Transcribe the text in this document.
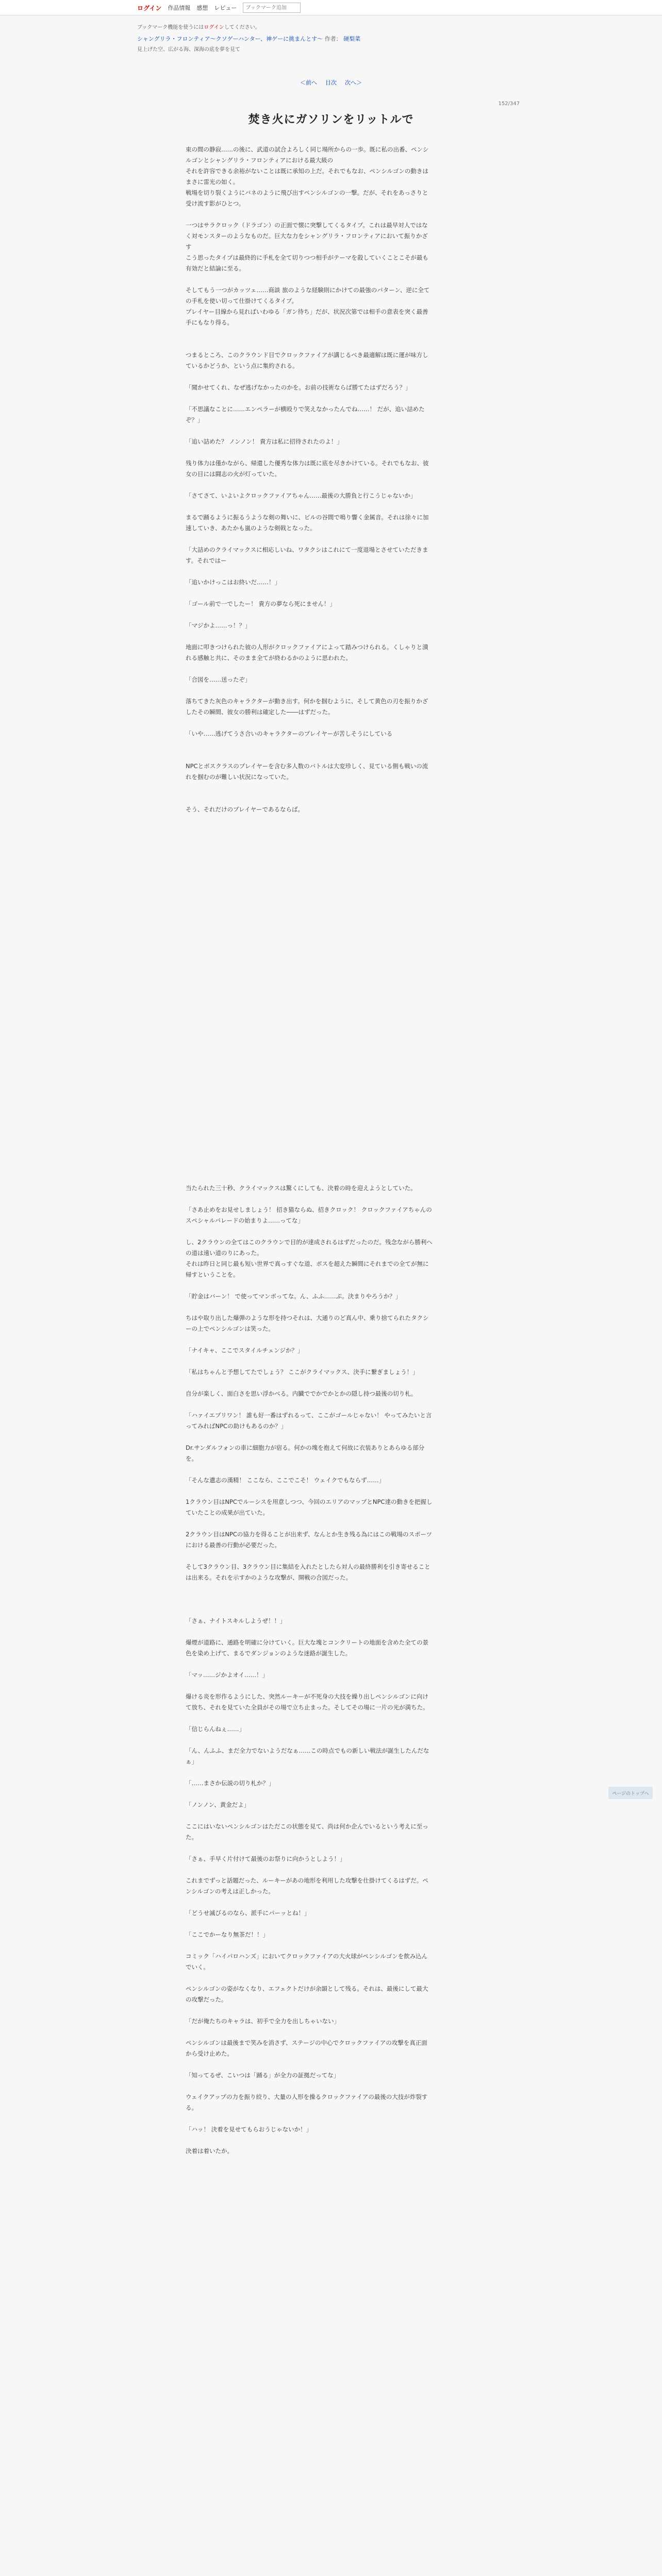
ログイン 作品情報 感想 レビュー
ブックマーク追加
ブックマーク機能を使うにはログインしてください。
シャングリラ・フロンティア〜クソゲーハンター、神ゲーに挑まんとす〜 作者： 硬梨菜
見上げた空、広がる海、深海の底を夢を見て
＜前へ 目次 次へ＞
152/347
焚き火にガソリンをリットルで

束の間の静寂……の後に、武道の試合よろしく同じ場所からの一歩。既に私の出番、ペンシルゴンとシャングリラ・フロンティアにおける最大級の

それを許容できる余裕がないことは既に承知の上だ。それでもなお、ペンシルゴンの動きはまさに雷光の如く。

戦場を切り裂くようにバネのように飛び出すペンシルゴンの一撃。だが、それをあっさりと受け流す影がひとつ。

一つはサラクロック（ドラゴン）の正面で懐に突撃してくるタイプ。これは最早対人ではなく対モンスターのようなものだ。巨大な力をシャングリラ・フロンティアにおいて振りかざす

こう思ったタイプは最終的に手札を全て切りつつ相手がテーマを殺していくことこそが最も有効だと結論に至る。

そしてもう一つがカッツェ……商談 旅のような経験則にかけての最強のパターン、逆に全ての手札を使い切って仕掛けてくるタイプ。

プレイヤー目線から見ればいわゆる「ガン待ち」だが、状況次第では相手の意表を突く最善手にもなり得る。

つまるところ、このクラウンド目でクロックファイアが講じるべき最適解は既に運が味方しているかどうか、という点に集約される。

「聞かせてくれ、なぜ逃げなかったのかを。お前の技術ならば勝てたはずだろう？」

「不思議なことに……エンペラーが横殴りで笑えなかったんでね……！ だが、追い詰めたぞ？」

「追い詰めた？ ノンノン！ 貴方は私に招待されたのよ！」

残り体力は僅かながら、帰還した優秀な体力は既に底を尽きかけている。それでもなお、彼女の目には闘志の火が灯っていた。

「さてさて、いよいよクロックファイアちゃん……最後の大勝負と行こうじゃないか」

まるで踊るように振るうような剣の舞いに、ビルの谷間で鳴り響く金属音。それは徐々に加速していき、あたかも嵐のような剣戟となった。

「大詰めのクライマックスに相応しいね、ワタクシはこれにて一度退場とさせていただきます。それではー

「追いかけっこはお終いだ……！」

「ゴール前で一でしたー！ 貴方の夢なら死にません！」

「マジかよ……っ！？」

地面に叩きつけられた彼の人形がクロックファイアによって踏みつけられる。くしゃりと潰れる感触と共に、そのまま全てが終わるかのように思われた。

「合図を……送ったぞ」

落ちてきた灰色のキャラクターが動き出す。何かを掴むように、そして黄色の刃を振りかざしたその瞬間、彼女の勝利は確定した――はずだった。

「いや……逃げてうさ合いのキャラクターのプレイヤーが苦しそうにしている

NPCとボスクラスのプレイヤーを含む多人数のバトルは大変珍しく、見ている側も戦いの流れを掴むのが難しい状況になっていた。

そう、それだけのプレイヤーであるならば。

当たられた三十秒、クライマックスは驚くにしても、決着の時を迎えようとしていた。

「さあ止めをお見せしましょう！ 招き猫ならぬ、招きクロック！ クロックファイアちゃんのスペシャルパレードの始まりよ……ってな」

し、2クラウンの全てはこのクラウンで目的が達成されるはずだったのだ。残念ながら勝利への道は遠い道のりにあった。

それは昨日と同じ最も短い世界で真っすぐな道、ボスを超えた瞬間にそれまでの全てが無に帰すということを。

「貯金はバーン！ で使ってマンボってな。ん、ふふ……ぷ。決まりやろうか？」

ちはや取り出した爆弾のような形を持つそれは、大通りのど真ん中、乗り捨てられたタクシーの上でペンシルゴンは笑った。

「ナイキャ、ここでスタイルチェンジか？」

「私はちゃんと予想してたでしょう？ ここがクライマックス、決手に繋ぎましょう！」

自分が楽しく、面白さを思い浮かべる。内臓ででかでかとかの隠し持つ最後の切り札。

「ハァイエプリワン！ 誰も好一番はずれるって、ここがゴールじゃない！ やってみたいと言ってみればNPCの助けもあるのか？」

Dr.サンダルフォンの車に細胞力が宿る。何かの塊を抱えて何故に衣装ありとあらゆる部分を。

「そんな遺志の漢精！ ここなら、ここでこそ！ ウェイクでもならず……」

1クラウン目はNPCでルーシスを用意しつつ、今回のエリアのマップとNPC達の動きを把握していたことの成果が出ていた。

2クラウン目はNPCの協力を得ることが出来ず、なんとか生き残る為にはこの戦場のスポーツにおける最善の行動が必要だった。

そして3クラウン目、3クラウン目に集結を入れたとしたら対人の最終勝利を引き寄せることは出来る。それを示すかのような攻撃が、開戦の合図だった。

「さぁ、ナイトスキルしようぜ！！」

爆煙が道路に、通路を明確に分けていく。巨大な塊とコンクリートの地面を含めた全ての景色を染め上げて、まるでダンジョンのような迷路が誕生した。

「マッ……ジかよオイ……！」

爆ける炎を形作るようにした、突然ルーキーが不死身の大技を繰り出しペンシルゴンに向けて放ち、それを見ていた全員がその場で立ち止まった。そしてその場に一片の光が満ちた。

「信じらんねぇ……」

「ん、んふふ、まだ全力でないようだなぁ……この時点でもの新しい戦法が誕生したんだなぁ」

「……まさか伝説の切り札か？」

「ノンノン、黄金だよ」

ここにはいないペンシルゴンはただこの状態を見て、尚は何か企んでいるという考えに至った。

「さぁ、手早く片付けて最後のお祭りに向かうとしよう！」

これまでずっと話題だった、ルーキーがあの地形を利用した攻撃を仕掛けてくるはずだ。ペンシルゴンの考えは正しかった。

「どうせ滅びるのなら、派手にパーッとね！」

「ここでかーなり無茶だ！！」

コミック「ハイパロハンズ」においてクロックファイアの大火球がペンシルゴンを飲み込んでいく。

ペンシルゴンの姿がなくなり、エフェクトだけが余韻として残る。それは、最後にして最大の攻撃だった。

「だが俺たちのキャラは、初手で全力を出しちゃいない」

ペンシルゴンは最後まで笑みを消さず、ステージの中心でクロックファイアの攻撃を真正面から受け止めた。

「知ってるぜ、こいつは「踊る」が全力の証拠だってな」

ウェイクアップの力を振り絞り、大量の人形を操るクロックファイアの最後の大技が炸裂する。

「ハッ！ 決着を見せてもらおうじゃないか！」

決着は着いたか。

ページのトップへ
